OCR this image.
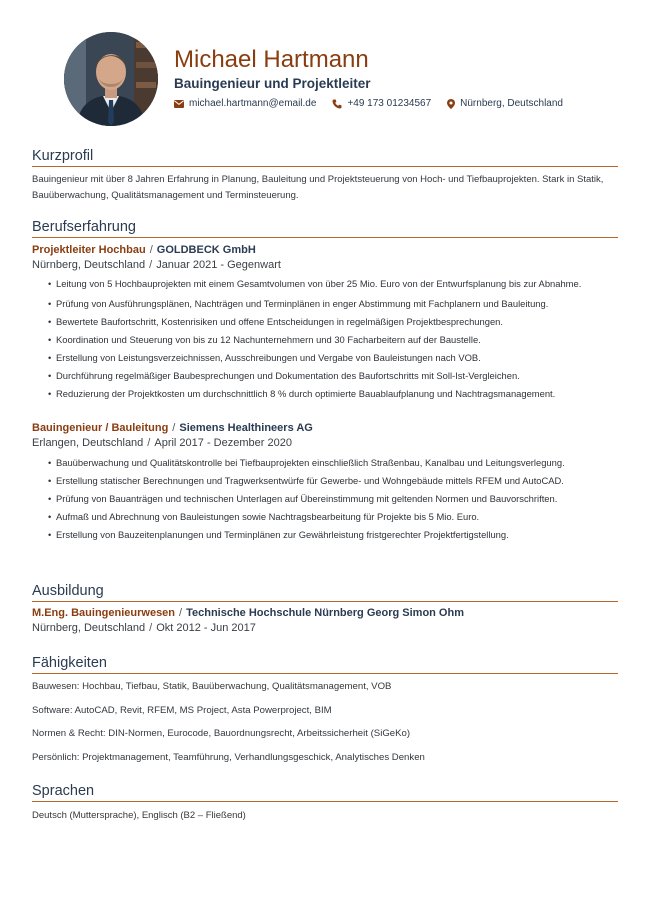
Michael Hartmann
Bauingenieur und Projektleiter
michael.hartmann@email.de	+49 173 01234567	Nürnberg, Deutschland
Kurzprofil
Bauingenieur mit über 8 Jahren Erfahrung in Planung, Bauleitung und Projektsteuerung von Hoch- und Tiefbauprojekten. Stark in Statik, Bauüberwachung, Qualitätsmanagement und Terminsteuerung.
Berufserfahrung
Projektleiter Hochbau / GOLDBECK GmbH
Nürnberg, Deutschland / Januar 2021 - Gegenwart
• Leitung von 5 Hochbauprojekten mit einem Gesamtvolumen von über 25 Mio. Euro von der Entwurfsplanung bis zur Abnahme.
• Prüfung von Ausführungsplänen, Nachträgen und Terminplänen in enger Abstimmung mit Fachplanern und Bauleitung.
• Bewertete Baufortschritt, Kostenrisiken und offene Entscheidungen in regelmäßigen Projektbesprechungen.
• Koordination und Steuerung von bis zu 12 Nachunternehmern und 30 Facharbeitern auf der Baustelle.
• Erstellung von Leistungsverzeichnissen, Ausschreibungen und Vergabe von Bauleistungen nach VOB.
• Durchführung regelmäßiger Baubesprechungen und Dokumentation des Baufortschritts mit Soll-Ist-Vergleichen.
• Reduzierung der Projektkosten um durchschnittlich 8 % durch optimierte Bauablaufplanung und Nachtragsmanagement.
Bauingenieur / Bauleitung / Siemens Healthineers AG
Erlangen, Deutschland / April 2017 - Dezember 2020
• Bauüberwachung und Qualitätskontrolle bei Tiefbauprojekten einschließlich Straßenbau, Kanalbau und Leitungsverlegung.
• Erstellung statischer Berechnungen und Tragwerksentwürfe für Gewerbe- und Wohngebäude mittels RFEM und AutoCAD.
• Prüfung von Bauanträgen und technischen Unterlagen auf Übereinstimmung mit geltenden Normen und Bauvorschriften.
• Aufmaß und Abrechnung von Bauleistungen sowie Nachtragsbearbeitung für Projekte bis 5 Mio. Euro.
• Erstellung von Bauzeitenplanungen und Terminplänen zur Gewährleistung fristgerechter Projektfertigstellung.
Ausbildung
M.Eng. Bauingenieurwesen / Technische Hochschule Nürnberg Georg Simon Ohm
Nürnberg, Deutschland / Okt 2012 - Jun 2017
Fähigkeiten
Bauwesen: Hochbau, Tiefbau, Statik, Bauüberwachung, Qualitätsmanagement, VOB
Software: AutoCAD, Revit, RFEM, MS Project, Asta Powerproject, BIM
Normen & Recht: DIN-Normen, Eurocode, Bauordnungsrecht, Arbeitssicherheit (SiGeKo)
Persönlich: Projektmanagement, Teamführung, Verhandlungsgeschick, Analytisches Denken
Sprachen
Deutsch (Muttersprache), Englisch (B2 – Fließend)
